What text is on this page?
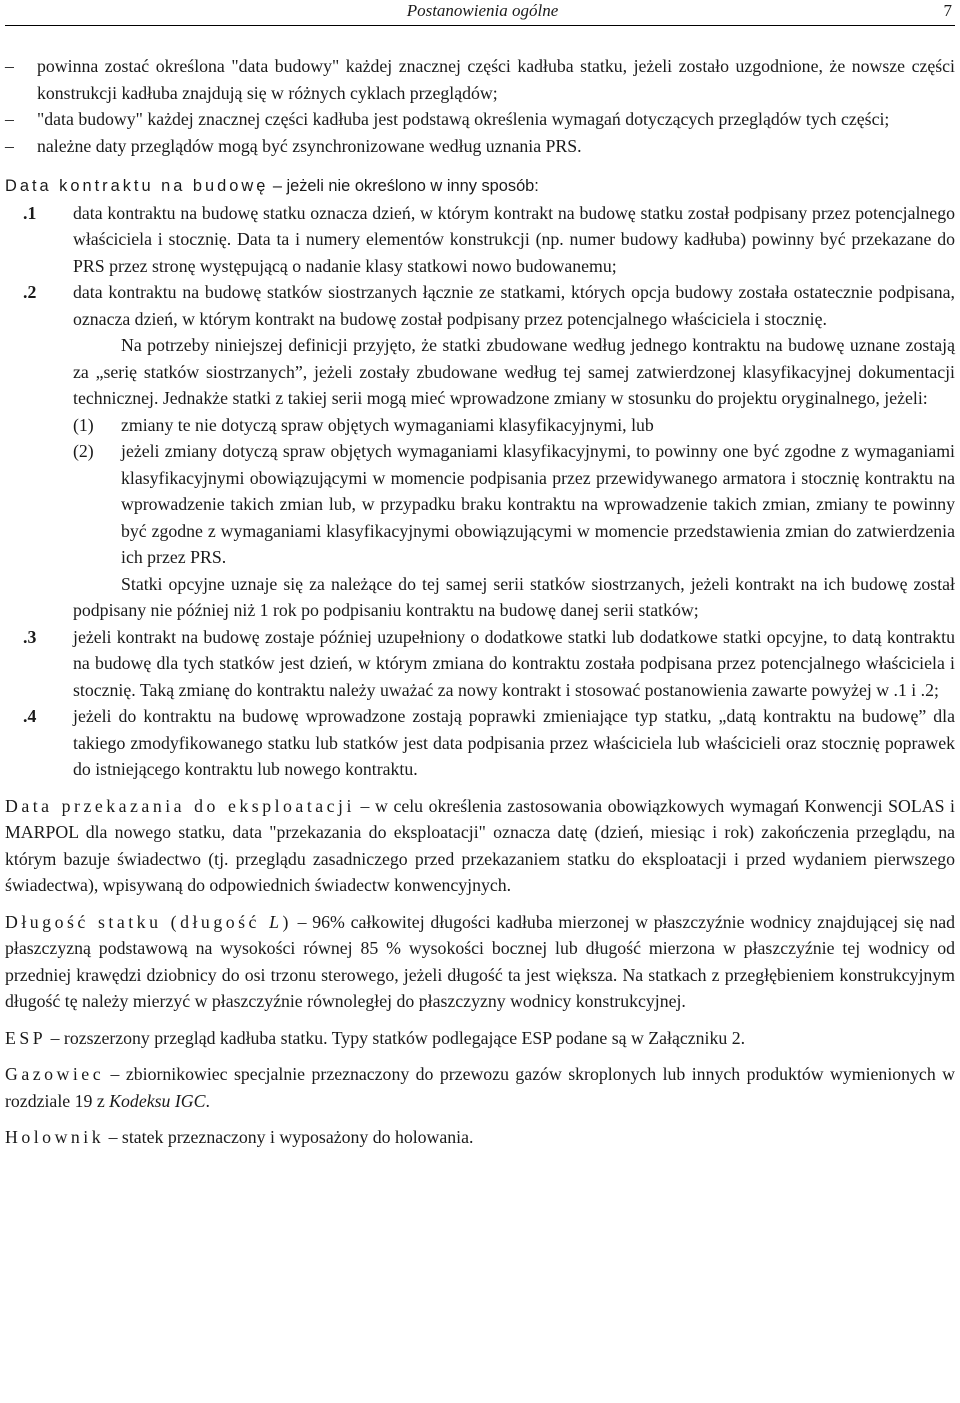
Postanowienia ogólne	7
– powinna zostać określona "data budowy" każdej znacznej części kadłuba statku, jeżeli zostało uzgodnione, że nowsze części konstrukcji kadłuba znajdują się w różnych cyklach przeglądów;
– "data budowy" każdej znacznej części kadłuba jest podstawą określenia wymagań dotyczących przeglądów tych części;
– należne daty przeglądów mogą być zsynchronizowane według uznania PRS.
Data kontraktu na budowę – jeżeli nie określono w inny sposób:
.1 data kontraktu na budowę statku oznacza dzień, w którym kontrakt na budowę statku został podpisany przez potencjalnego właściciela i stocznię. Data ta i numery elementów konstrukcji (np. numer budowy kadłuba) powinny być przekazane do PRS przez stronę występującą o nadanie klasy statkowi nowo budowanemu;
.2 data kontraktu na budowę statków siostrzanych łącznie ze statkami, których opcja budowy została ostatecznie podpisana, oznacza dzień, w którym kontrakt na budowę został podpisany przez potencjalnego właściciela i stocznię.
Na potrzeby niniejszej definicji przyjęto, że statki zbudowane według jednego kontraktu na budowę uznane zostają za „serię statków siostrzanych”, jeżeli zostały zbudowane według tej samej zatwierdzonej klasyfikacyjnej dokumentacji technicznej. Jednakże statki z takiej serii mogą mieć wprowadzone zmiany w stosunku do projektu oryginalnego, jeżeli:
(1) zmiany te nie dotyczą spraw objętych wymaganiami klasyfikacyjnymi, lub
(2) jeżeli zmiany dotyczą spraw objętych wymaganiami klasyfikacyjnymi, to powinny one być zgodne z wymaganiami klasyfikacyjnymi obowiązującymi w momencie podpisania przez przewidywanego armatora i stocznię kontraktu na wprowadzenie takich zmian lub, w przypadku braku kontraktu na wprowadzenie takich zmian, zmiany te powinny być zgodne z wymaganiami klasyfikacyjnymi obowiązującymi w momencie przedstawienia zmian do zatwierdzenia ich przez PRS.
Statki opcyjne uznaje się za należące do tej samej serii statków siostrzanych, jeżeli kontrakt na ich budowę został podpisany nie później niż 1 rok po podpisaniu kontraktu na budowę danej serii statków;
.3 jeżeli kontrakt na budowę zostaje później uzupełniony o dodatkowe statki lub dodatkowe statki opcyjne, to datą kontraktu na budowę dla tych statków jest dzień, w którym zmiana do kontraktu została podpisana przez potencjalnego właściciela i stocznię. Taką zmianę do kontraktu należy uważać za nowy kontrakt i stosować postanowienia zawarte powyżej w .1 i .2;
.4 jeżeli do kontraktu na budowę wprowadzone zostają poprawki zmieniające typ statku, „datą kontraktu na budowę” dla takiego zmodyfikowanego statku lub statków jest data podpisania przez właściciela lub właścicieli oraz stocznię poprawek do istniejącego kontraktu lub nowego kontraktu.
Data przekazania do eksploatacji – w celu określenia zastosowania obowiązkowych wymagań Konwencji SOLAS i MARPOL dla nowego statku, data "przekazania do eksploatacji" oznacza datę (dzień, miesiąc i rok) zakończenia przeglądu, na którym bazuje świadectwo (tj. przeglądu zasadniczego przed przekazaniem statku do eksploatacji i przed wydaniem pierwszego świadectwa), wpisywaną do odpowiednich świadectw konwencyjnych.
Długość statku (długość L) – 96% całkowitej długości kadłuba mierzonej w płaszczyźnie wodnicy znajdującej się nad płaszczyzną podstawową na wysokości równej 85 % wysokości bocznej lub długość mierzona w płaszczyźnie tej wodnicy od przedniej krawędzi dziobnicy do osi trzonu sterowego, jeżeli długość ta jest większa. Na statkach z przegłębieniem konstrukcyjnym długość tę należy mierzyć w płaszczyźnie równoległej do płaszczyzny wodnicy konstrukcyjnej.
ESP – rozszerzony przegląd kadłuba statku. Typy statków podlegające ESP podane są w Załączniku 2.
Gazowiec – zbiornikowiec specjalnie przeznaczony do przewozu gazów skroplonych lub innych produktów wymienionych w rozdziale 19 z Kodeksu IGC.
Holownik – statek przeznaczony i wyposażony do holowania.
